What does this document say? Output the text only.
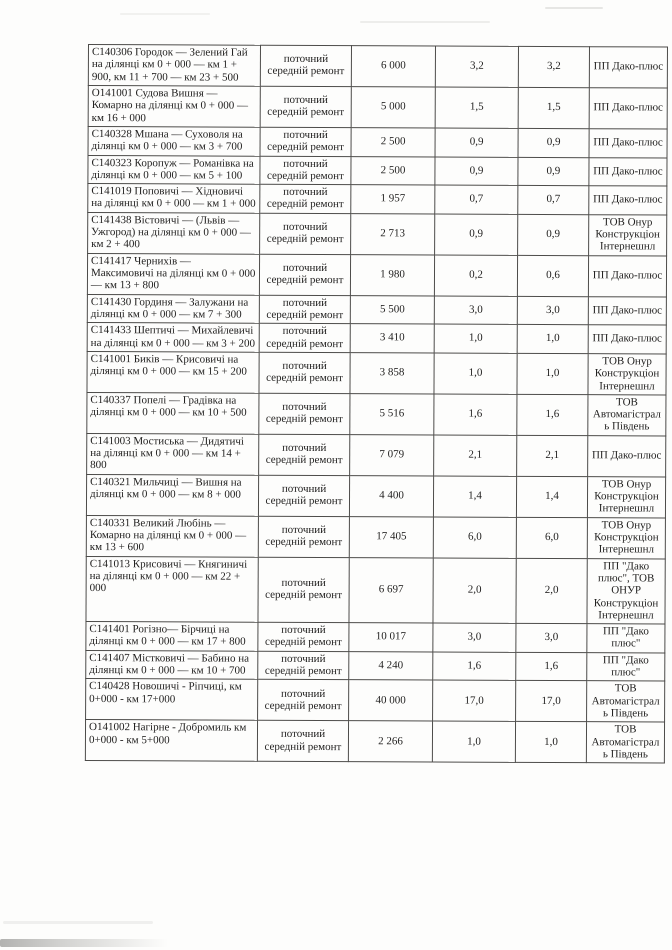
С140306 Городок — Зелений Гай на ділянці км 0 + 000 — км 1 + 900, км 11 + 700 — км 23 + 500	поточний середній ремонт	6 000	3,2	3,2	ПП Дако-плюс
О141001 Судова Вишня — Комарно на ділянці км 0 + 000 — км 16 + 000	поточний середній ремонт	5 000	1,5	1,5	ПП Дако-плюс
С140328 Мшана — Суховоля на ділянці км 0 + 000 — км 3 + 700	поточний середній ремонт	2 500	0,9	0,9	ПП Дако-плюс
С140323 Коропуж — Романівка на ділянці км 0 + 000 — км 5 + 100	поточний середній ремонт	2 500	0,9	0,9	ПП Дако-плюс
С141019 Поповичі — Хідновичі на ділянці км 0 + 000 — км 1 + 000	поточний середній ремонт	1 957	0,7	0,7	ПП Дако-плюс
С141438 Вістовичі — (Львів — Ужгород) на ділянці км 0 + 000 — км 2 + 400	поточний середній ремонт	2 713	0,9	0,9	ТОВ Онур Конструкціон Інтернешнл
С141417 Чернихів — Максимовичі на ділянці км 0 + 000 — км 13 + 800	поточний середній ремонт	1 980	0,2	0,6	ПП Дако-плюс
С141430 Гординя — Залужани на ділянці км 0 + 000 — км 7 + 300	поточний середній ремонт	5 500	3,0	3,0	ПП Дако-плюс
С141433 Шептичі — Михайлевичі на ділянці км 0 + 000 — км 3 + 200	поточний середній ремонт	3 410	1,0	1,0	ПП Дако-плюс
С141001 Биків — Крисовичі на ділянці км 0 + 000 — км 15 + 200	поточний середній ремонт	3 858	1,0	1,0	ТОВ Онур Конструкціон Інтернешнл
С140337 Попелі — Градівка на ділянці км 0 + 000 — км 10 + 500	поточний середній ремонт	5 516	1,6	1,6	ТОВ Автомагістраль Південь
С141003 Мостиська — Дидятичі на ділянці км 0 + 000 — км 14 + 800	поточний середній ремонт	7 079	2,1	2,1	ПП Дако-плюс
С140321 Мильчиці — Вишня на ділянці км 0 + 000 — км 8 + 000	поточний середній ремонт	4 400	1,4	1,4	ТОВ Онур Конструкціон Інтернешнл
С140331 Великий Любінь — Комарно на ділянці км 0 + 000 — км 13 + 600	поточний середній ремонт	17 405	6,0	6,0	ТОВ Онур Конструкціон Інтернешнл
С141013 Крисовичі — Княгиничі на ділянці км 0 + 000 — км 22 + 000	поточний середній ремонт	6 697	2,0	2,0	ПП "Дако плюс", ТОВ ОНУР Конструкціон Інтернешнл
С141401 Рогізно— Бірчиці на ділянці км 0 + 000 — км 17 + 800	поточний середній ремонт	10 017	3,0	3,0	ПП "Дако плюс"
С141407 Містковичі — Бабино на ділянці км 0 + 000 — км 10 + 700	поточний середній ремонт	4 240	1,6	1,6	ПП "Дако плюс"
С140428 Новошичі - Ріпчиці, км 0+000 - км 17+000	поточний середній ремонт	40 000	17,0	17,0	ТОВ Автомагістраль Південь
О141002 Нагірне - Добромиль км 0+000 - км 5+000	поточний середній ремонт	2 266	1,0	1,0	ТОВ Автомагістраль Південь
